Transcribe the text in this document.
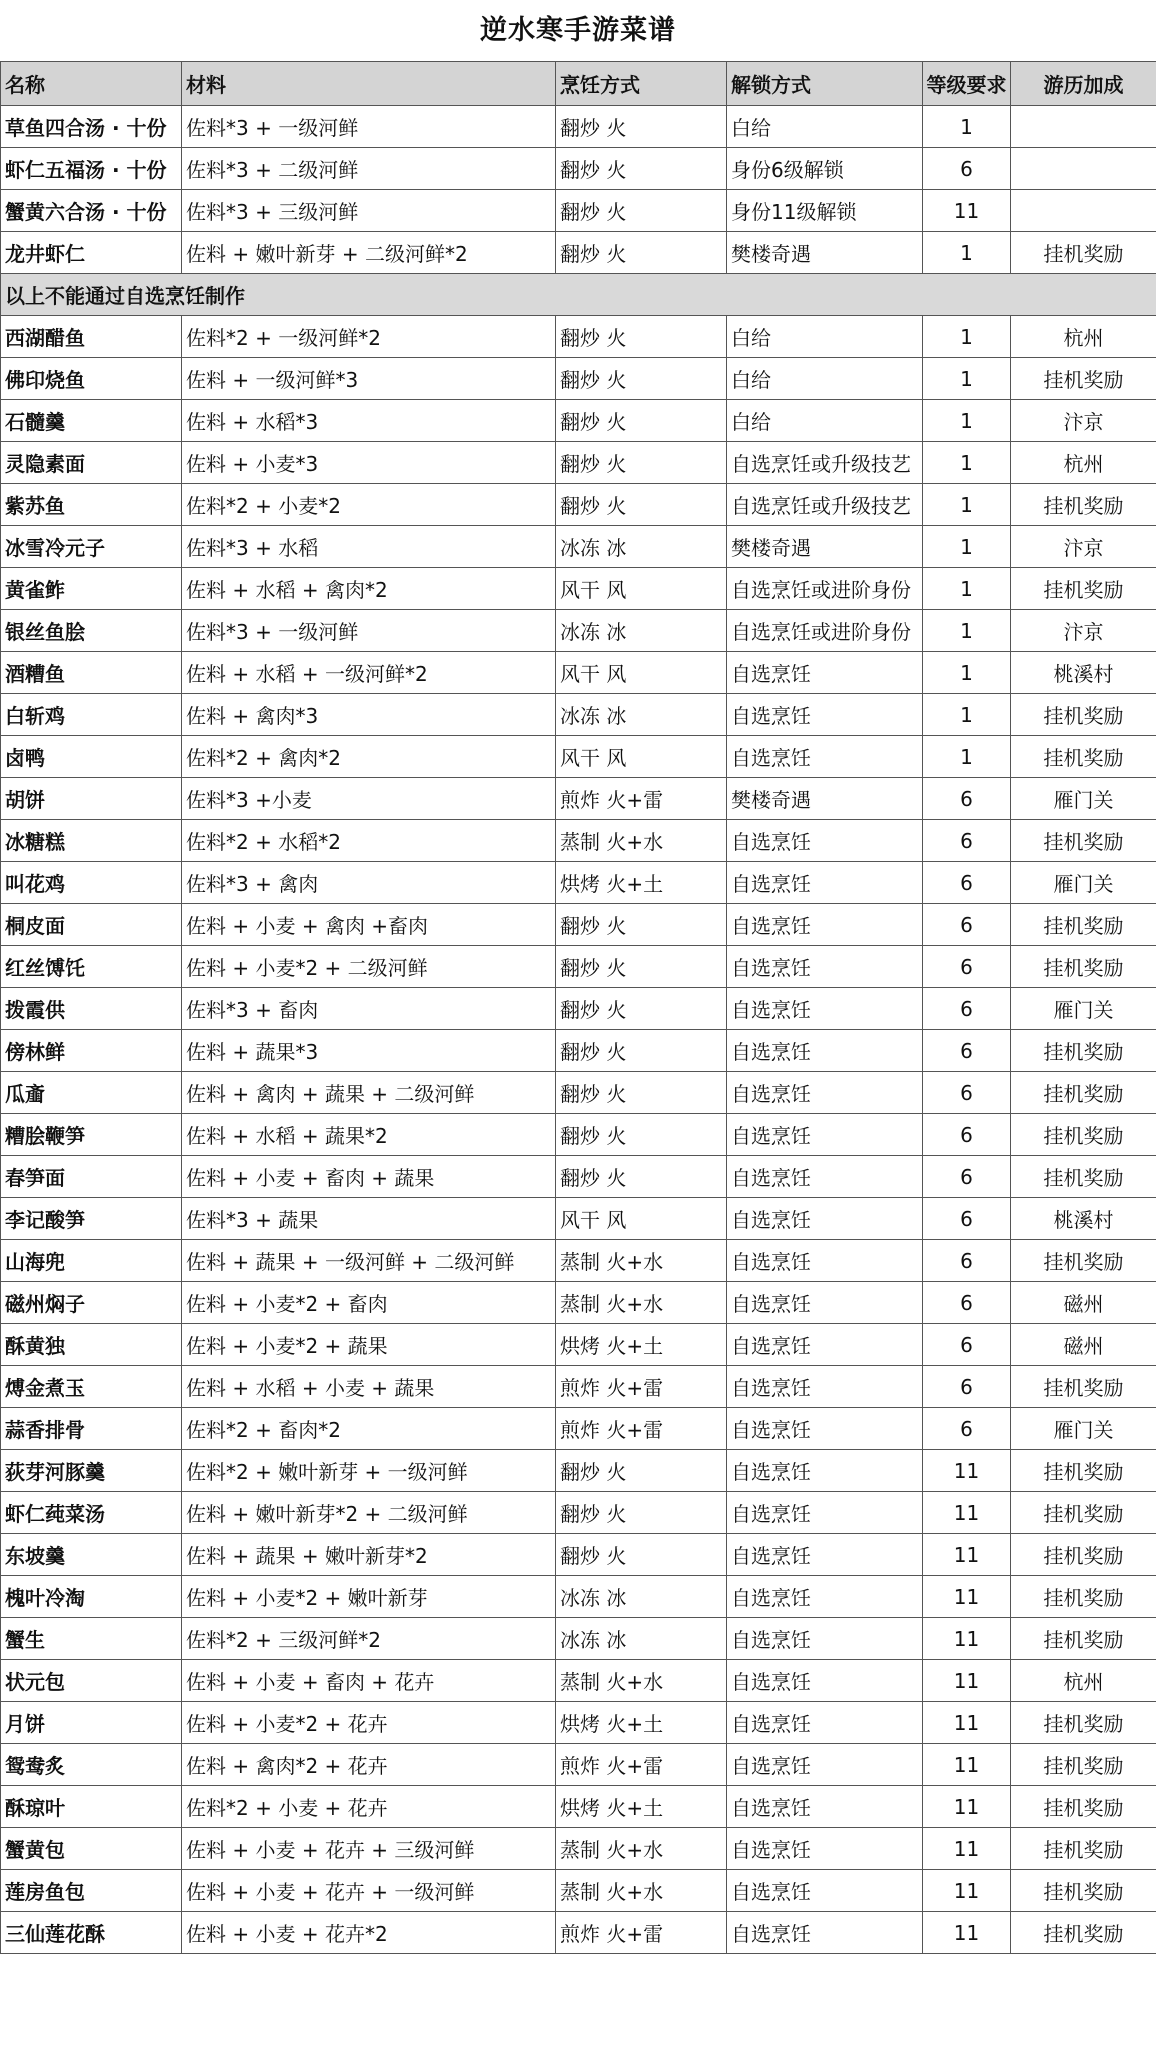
逆水寒手游菜谱
名称	材料	烹饪方式	解锁方式	等级要求	游历加成
草鱼四合汤 · 十份	佐料*3 + 一级河鲜	翻炒 火	白给	1	
虾仁五福汤 · 十份	佐料*3 + 二级河鲜	翻炒 火	身份6级解锁	6	
蟹黄六合汤 · 十份	佐料*3 + 三级河鲜	翻炒 火	身份11级解锁	11	
龙井虾仁	佐料 + 嫩叶新芽 + 二级河鲜*2	翻炒 火	樊楼奇遇	1	挂机奖励
以上不能通过自选烹饪制作					
西湖醋鱼	佐料*2 + 一级河鲜*2	翻炒 火	白给	1	杭州
佛印烧鱼	佐料 + 一级河鲜*3	翻炒 火	白给	1	挂机奖励
石髓羹	佐料 + 水稻*3	翻炒 火	白给	1	汴京
灵隐素面	佐料 + 小麦*3	翻炒 火	自选烹饪或升级技艺	1	杭州
紫苏鱼	佐料*2 + 小麦*2	翻炒 火	自选烹饪或升级技艺	1	挂机奖励
冰雪冷元子	佐料*3 + 水稻	冰冻 冰	樊楼奇遇	1	汴京
黄雀鲊	佐料 + 水稻 + 禽肉*2	风干 风	自选烹饪或进阶身份	1	挂机奖励
银丝鱼脍	佐料*3 + 一级河鲜	冰冻 冰	自选烹饪或进阶身份	1	汴京
酒糟鱼	佐料 + 水稻 + 一级河鲜*2	风干 风	自选烹饪	1	桃溪村
白斩鸡	佐料 + 禽肉*3	冰冻 冰	自选烹饪	1	挂机奖励
卤鸭	佐料*2 + 禽肉*2	风干 风	自选烹饪	1	挂机奖励
胡饼	佐料*3 +小麦	煎炸 火+雷	樊楼奇遇	6	雁门关
冰糖糕	佐料*2 + 水稻*2	蒸制 火+水	自选烹饪	6	挂机奖励
叫花鸡	佐料*3 + 禽肉	烘烤 火+土	自选烹饪	6	雁门关
桐皮面	佐料 + 小麦 + 禽肉 +畜肉	翻炒 火	自选烹饪	6	挂机奖励
红丝馎饦	佐料 + 小麦*2 + 二级河鲜	翻炒 火	自选烹饪	6	挂机奖励
拨霞供	佐料*3 + 畜肉	翻炒 火	自选烹饪	6	雁门关
傍林鲜	佐料 + 蔬果*3	翻炒 火	自选烹饪	6	挂机奖励
瓜齑	佐料 + 禽肉 + 蔬果 + 二级河鲜	翻炒 火	自选烹饪	6	挂机奖励
糟脍鞭笋	佐料 + 水稻 + 蔬果*2	翻炒 火	自选烹饪	6	挂机奖励
春笋面	佐料 + 小麦 + 畜肉 + 蔬果	翻炒 火	自选烹饪	6	挂机奖励
李记酸笋	佐料*3 + 蔬果	风干 风	自选烹饪	6	桃溪村
山海兜	佐料 + 蔬果 + 一级河鲜 + 二级河鲜	蒸制 火+水	自选烹饪	6	挂机奖励
磁州焖子	佐料 + 小麦*2 + 畜肉	蒸制 火+水	自选烹饪	6	磁州
酥黄独	佐料 + 小麦*2 + 蔬果	烘烤 火+土	自选烹饪	6	磁州
煿金煮玉	佐料 + 水稻 + 小麦 + 蔬果	煎炸 火+雷	自选烹饪	6	挂机奖励
蒜香排骨	佐料*2 + 畜肉*2	煎炸 火+雷	自选烹饪	6	雁门关
荻芽河豚羹	佐料*2 + 嫩叶新芽 + 一级河鲜	翻炒 火	自选烹饪	11	挂机奖励
虾仁莼菜汤	佐料 + 嫩叶新芽*2 + 二级河鲜	翻炒 火	自选烹饪	11	挂机奖励
东坡羹	佐料 + 蔬果 + 嫩叶新芽*2	翻炒 火	自选烹饪	11	挂机奖励
槐叶冷淘	佐料 + 小麦*2 + 嫩叶新芽	冰冻 冰	自选烹饪	11	挂机奖励
蟹生	佐料*2 + 三级河鲜*2	冰冻 冰	自选烹饪	11	挂机奖励
状元包	佐料 + 小麦 + 畜肉 + 花卉	蒸制 火+水	自选烹饪	11	杭州
月饼	佐料 + 小麦*2 + 花卉	烘烤 火+土	自选烹饪	11	挂机奖励
鸳鸯炙	佐料 + 禽肉*2 + 花卉	煎炸 火+雷	自选烹饪	11	挂机奖励
酥琼叶	佐料*2 + 小麦 + 花卉	烘烤 火+土	自选烹饪	11	挂机奖励
蟹黄包	佐料 + 小麦 + 花卉 + 三级河鲜	蒸制 火+水	自选烹饪	11	挂机奖励
莲房鱼包	佐料 + 小麦 + 花卉 + 一级河鲜	蒸制 火+水	自选烹饪	11	挂机奖励
三仙莲花酥	佐料 + 小麦 + 花卉*2	煎炸 火+雷	自选烹饪	11	挂机奖励
